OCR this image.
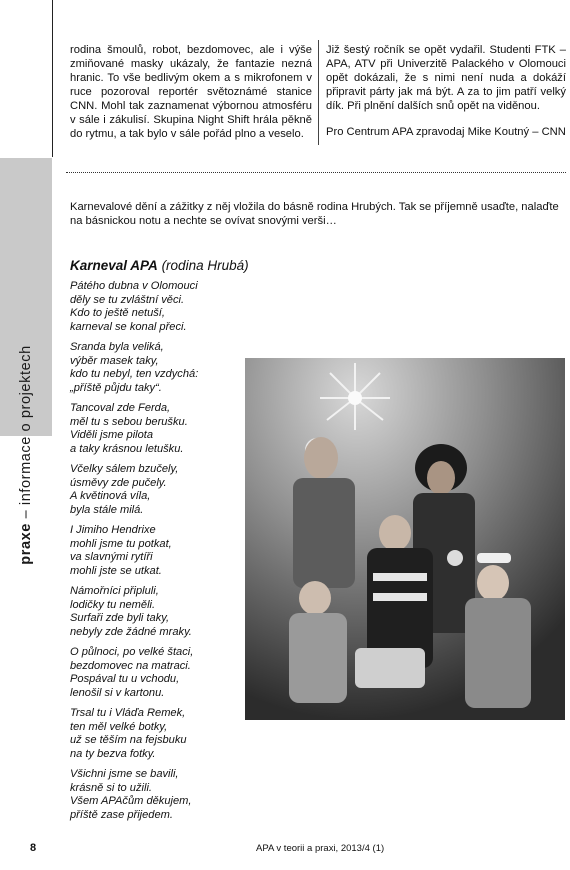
praxe – informace o projektech

rodina šmoulů, robot, bezdomovec, ale i výše zmiňované masky ukázaly, že fantazie nezná hranic. To vše bedlivým okem a s mikrofonem v ruce pozoroval reportér světoznámé stanice CNN. Mohl tak zaznamenat výbornou atmosféru v sále i zákulisí. Skupina Night Shift hrála pěkně do rytmu, a tak bylo v sále pořád plno a veselo.

Již šestý ročník se opět vydařil. Studenti FTK – APA, ATV při Univerzitě Palackého v Olomouci opět dokázali, že s nimi není nuda a dokáží připravit párty jak má být. A za to jim patří velký dík. Při plnění dalších snů opět na viděnou.

Pro Centrum APA zpravodaj Mike Koutný – CNN

Karnevalové dění a zážitky z něj vložila do básně rodina Hrubých. Tak se příjemně usaďte, nalaďte na básnickou notu a nechte se ovívat snovými verši…
Karneval APA (rodina Hrubá)
Pátého dubna v Olomouci
děly se tu zvláštní věci.
Kdo to ještě netuší,
karneval se konal přeci.
Sranda byla veliká,
výběr masek taky,
kdo tu nebyl, ten vzdychá:
„příště půjdu taky“.
Tancoval zde Ferda,
měl tu s sebou berušku.
Viděli jsme pilota
a taky krásnou letušku.
Včelky sálem bzučely,
úsměvy zde pučely.
A květinová víla,
byla stále milá.
I Jimiho Hendrixe
mohli jsme tu potkat,
va slavnými rytíři
mohli jste se utkat.
Námořníci připluli,
lodičky tu neměli.
Surfaři zde byli taky,
nebyly zde žádné mraky.
O půlnoci, po velké štaci,
bezdomovec na matraci.
Pospával tu u vchodu,
lenošil si v kartonu.
Trsal tu i Vláďa Remek,
ten měl velké botky,
už se těším na fejsbuku
na ty bezva fotky.
Všichni jsme se bavili,
krásně si to užili.
Všem APAčům děkujem,
příště zase přijedem.
8	APA v teorii a praxi, 2013/4 (1)
